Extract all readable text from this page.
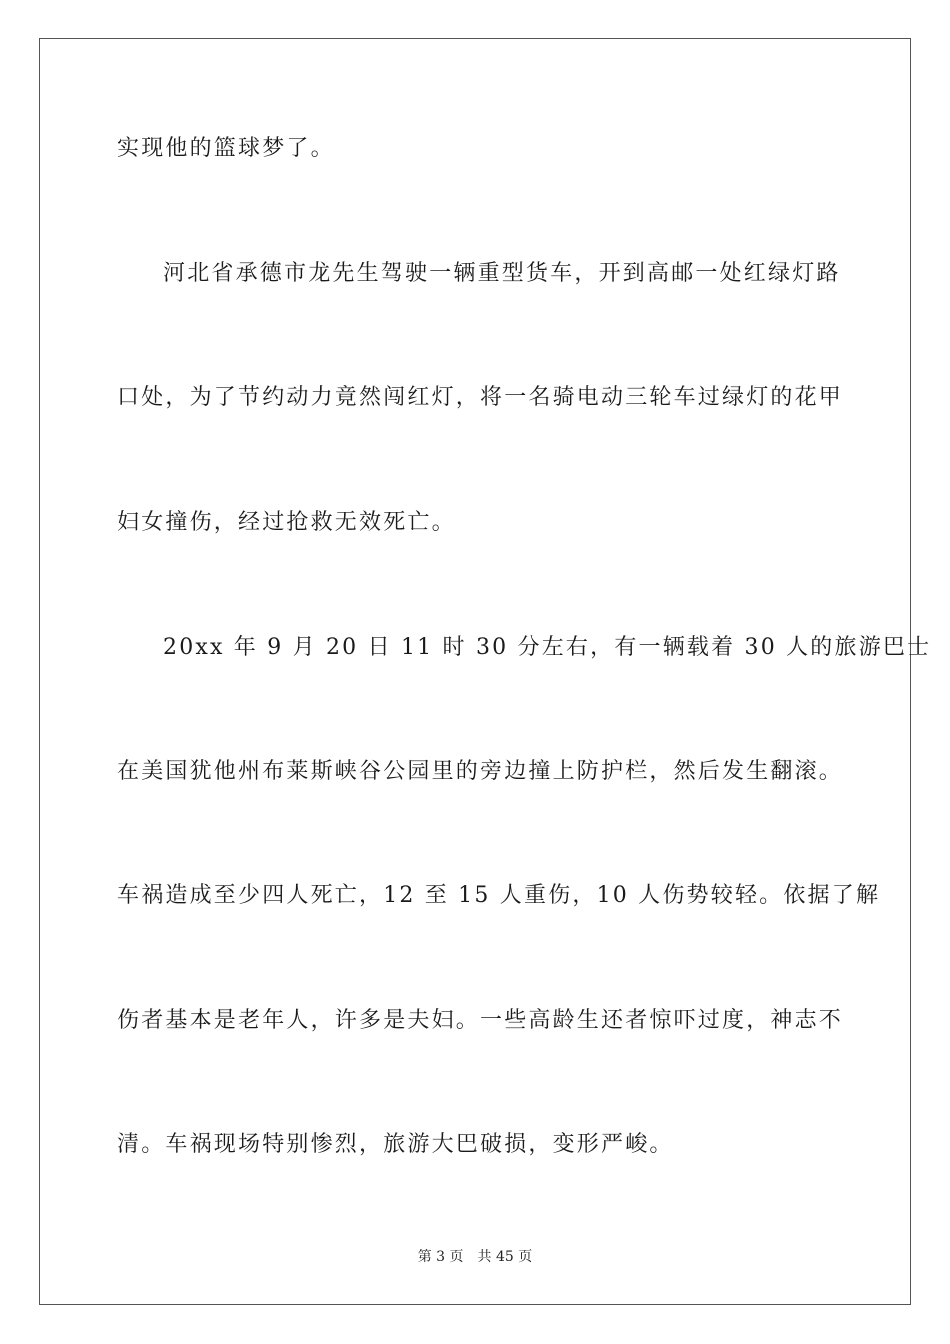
实现他的篮球梦了。
河北省承德市龙先生驾驶一辆重型货车，开到高邮一处红绿灯路
口处，为了节约动力竟然闯红灯，将一名骑电动三轮车过绿灯的花甲
妇女撞伤，经过抢救无效死亡。
20xx 年 9 月 20 日 11 时 30 分左右，有一辆载着 30 人的旅游巴士
在美国犹他州布莱斯峡谷公园里的旁边撞上防护栏，然后发生翻滚。
车祸造成至少四人死亡，12 至 15 人重伤，10 人伤势较轻。依据了解
伤者基本是老年人，许多是夫妇。一些高龄生还者惊吓过度，神志不
清。车祸现场特别惨烈，旅游大巴破损，变形严峻。
第 3 页 共 45 页
